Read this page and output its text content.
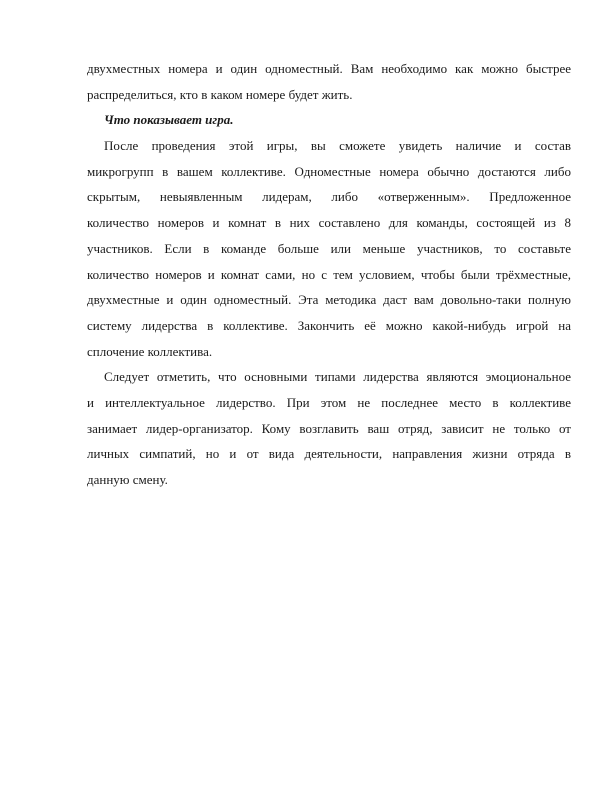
двухместных номера и один одноместный. Вам необходимо как можно быстрее
распределиться, кто в каком номере будет жить.
Что показывает игра.
После проведения этой игры, вы сможете увидеть наличие и состав
микрогрупп в вашем коллективе. Одноместные номера обычно достаются либо
скрытым, невыявленным лидерам, либо «отверженным». Предложенное
количество номеров и комнат в них составлено для команды, состоящей из 8
участников. Если в команде больше или меньше участников, то составьте
количество номеров и комнат сами, но с тем условием, чтобы были трёхместные,
двухместные и один одноместный. Эта методика даст вам довольно-таки полную
систему лидерства в коллективе. Закончить её можно какой-нибудь игрой на
сплочение коллектива.
Следует отметить, что основными типами лидерства являются эмоциональное
и интеллектуальное лидерство. При этом не последнее место в коллективе
занимает лидер-организатор. Кому возглавить ваш отряд, зависит не только от
личных симпатий, но и от вида деятельности, направления жизни отряда в
данную смену.
